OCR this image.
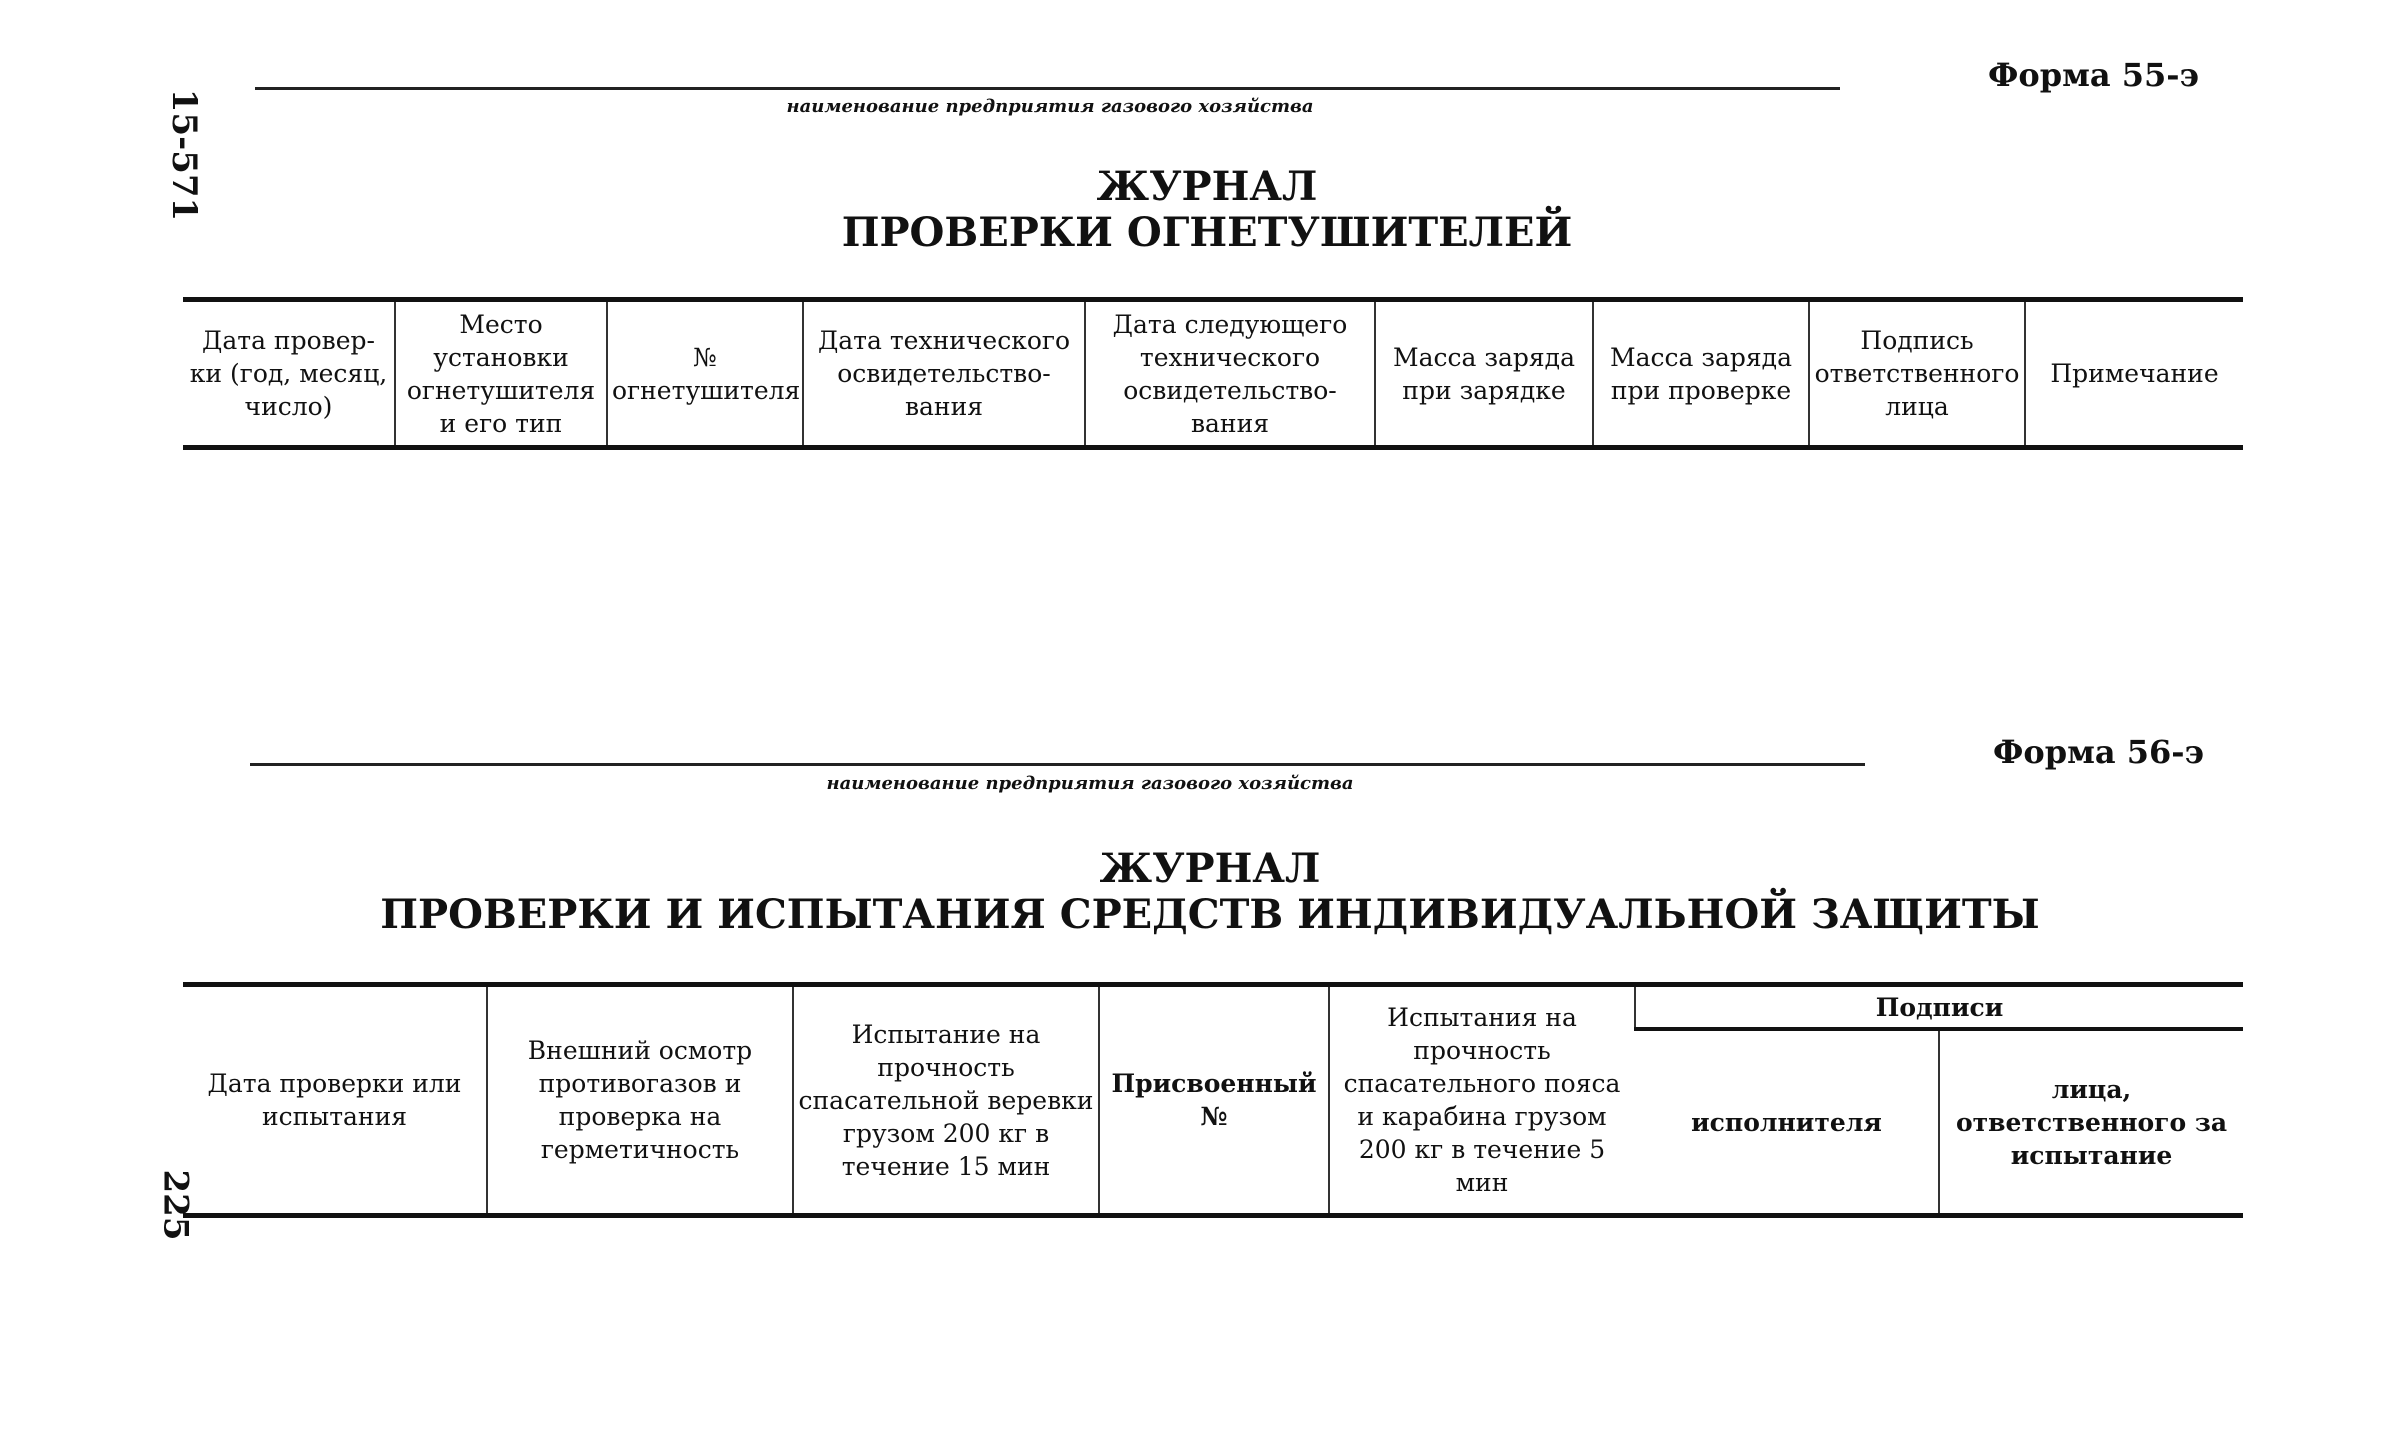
15-571
225
Форма 55-э
наименование предприятия газового хозяйства
ЖУРНАЛ
ПРОВЕРКИ ОГНЕТУШИТЕЛЕЙ
Дата провер-ки (год, месяц, число)	Место установки огнетушителя и его тип	№ огнетушителя	Дата технического освидетельство-вания	Дата следующего технического освидетельство-вания	Масса заряда при зарядке	Масса заряда при проверке	Подпись ответственного лица	Примечание
Форма 56-э
наименование предприятия газового хозяйства
ЖУРНАЛ
ПРОВЕРКИ И ИСПЫТАНИЯ СРЕДСТВ ИНДИВИДУАЛЬНОЙ ЗАЩИТЫ
Дата проверки или испытания	Внешний осмотр противогазов и проверка на герметичность	Испытание на прочность спасательной веревки грузом 200 кг в течение 15 мин	Присвоенный №	Испытания на прочность спасательного пояса и карабина грузом 200 кг в течение 5 мин	Подписи	
					исполнителя	лица, ответственного за испытание
